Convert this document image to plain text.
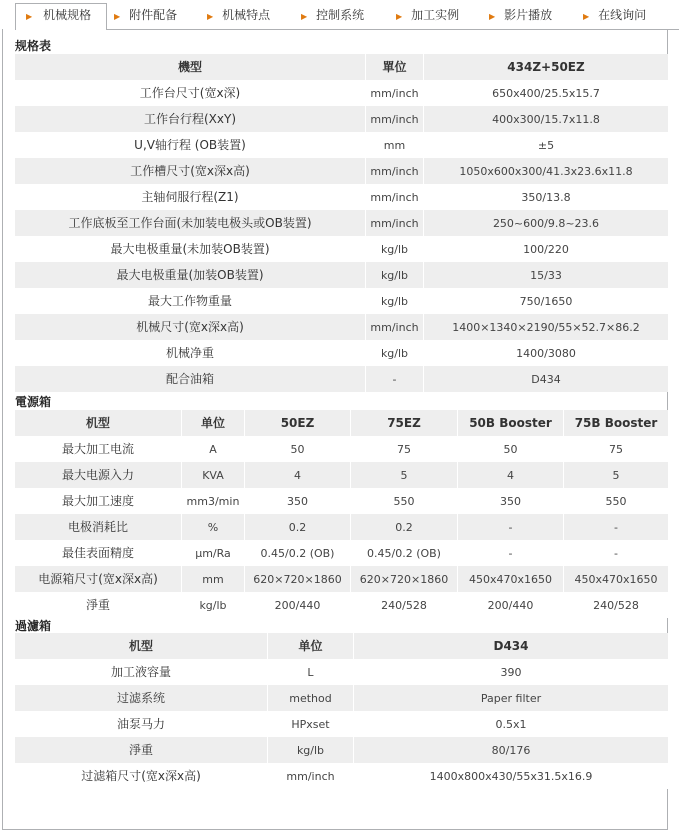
▶ 机械规格	▶ 附件配备	▶ 机械特点	▶ 控制系统	▶ 加工实例	▶ 影片播放	▶ 在线询问
规格表
機型	單位	434Z+50EZ
工作台尺寸(宽x深)	mm/inch	650x400/25.5x15.7
工作台行程(XxY)	mm/inch	400x300/15.7x11.8
U,V轴行程 (OB装置)	mm	±5
工作槽尺寸(宽x深x高)	mm/inch	1050x600x300/41.3x23.6x11.8
主轴伺服行程(Z1)	mm/inch	350/13.8
工作底板至工作台面(未加装电极头或OB装置)	mm/inch	250~600/9.8~23.6
最大电极重量(未加装OB装置)	kg/lb	100/220
最大电极重量(加装OB装置)	kg/lb	15/33
最大工作物重量	kg/lb	750/1650
机械尺寸(宽x深x高)	mm/inch	1400×1340×2190/55×52.7×86.2
机械净重	kg/lb	1400/3080
配合油箱	-	D434
電源箱
机型	单位	50EZ	75EZ	50B Booster	75B Booster
最大加工电流	A	50	75	50	75
最大电源入力	KVA	4	5	4	5
最大加工速度	mm3/min	350	550	350	550
电极消耗比	%	0.2	0.2	-	-
最佳表面精度	μm/Ra	0.45/0.2 (OB)	0.45/0.2 (OB)	-	-
电源箱尺寸(宽x深x高)	mm	620×720×1860	620×720×1860	450x470x1650	450x470x1650
淨重	kg/lb	200/440	240/528	200/440	240/528
過濾箱
机型	单位	D434
加工液容量	L	390
过滤系统	method	Paper filter
油泵马力	HPxset	0.5x1
淨重	kg/lb	80/176
过滤箱尺寸(宽x深x高)	mm/inch	1400x800x430/55x31.5x16.9
